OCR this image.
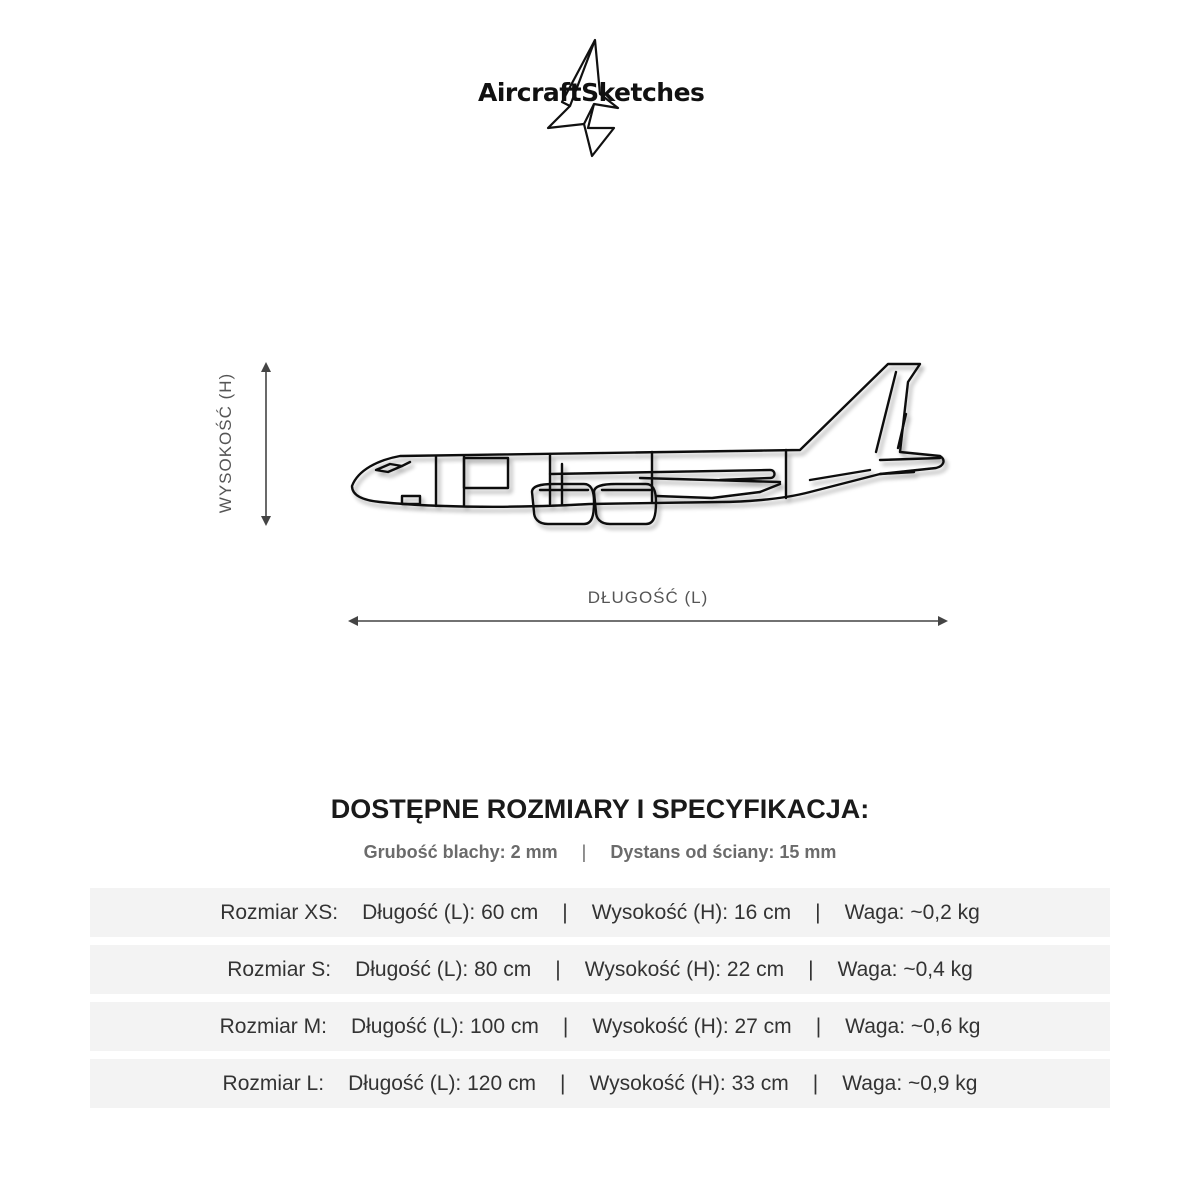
AircraftSketches
WYSOKOŚĆ (H)
DŁUGOŚĆ (L)
DOSTĘPNE ROZMIARY I SPECYFIKACJA:
Grubość blachy: 2 mm | Dystans od ściany: 15 mm
Rozmiar XS: Długość (L): 60 cm | Wysokość (H): 16 cm | Waga: ~0,2 kg
Rozmiar S: Długość (L): 80 cm | Wysokość (H): 22 cm | Waga: ~0,4 kg
Rozmiar M: Długość (L): 100 cm | Wysokość (H): 27 cm | Waga: ~0,6 kg
Rozmiar L: Długość (L): 120 cm | Wysokość (H): 33 cm | Waga: ~0,9 kg
